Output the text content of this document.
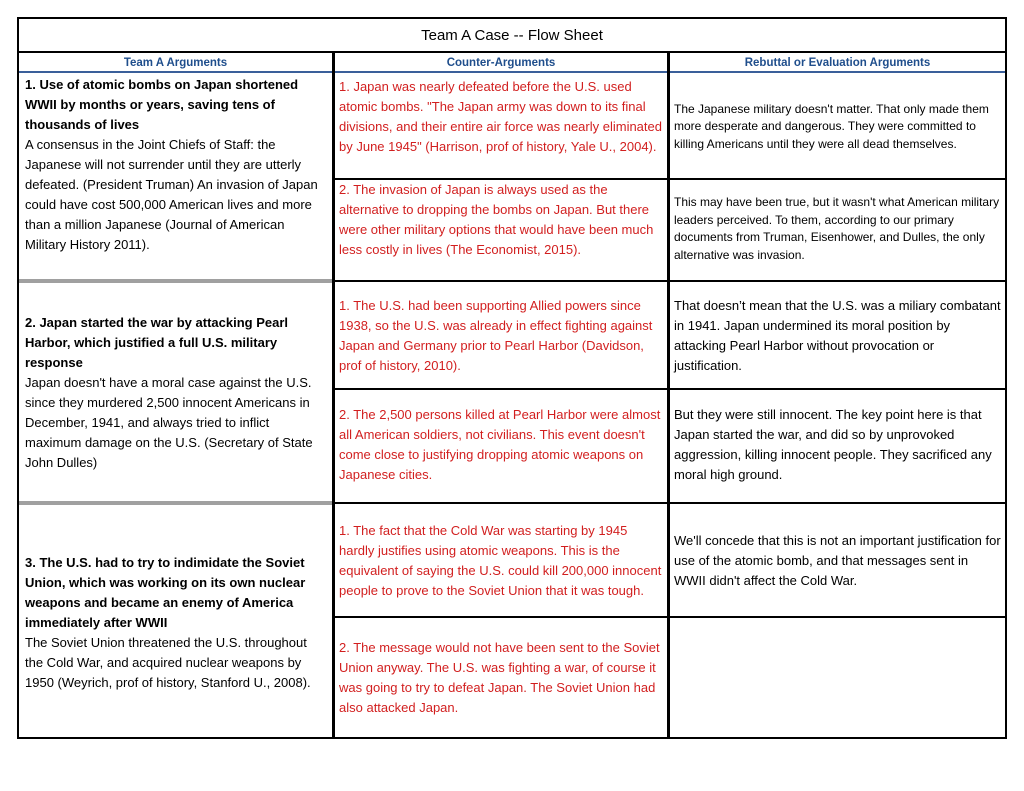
Team A Case -- Flow Sheet
Team A Arguments	Counter-Arguments	Rebuttal or Evaluation Arguments
1. Use of atomic bombs on Japan shortened WWII by months or years, saving tens of thousands of lives
A consensus in the Joint Chiefs of Staff: the Japanese will not surrender until they are utterly defeated. (President Truman) An invasion of Japan could have cost 500,000 American lives and more than a million Japanese (Journal of American Military History 2011).
1. Japan was nearly defeated before the U.S. used atomic bombs. "The Japan army was down to its final divisions, and their entire air force was nearly eliminated by June 1945" (Harrison, prof of history, Yale U., 2004).
2. The invasion of Japan is always used as the alternative to dropping the bombs on Japan. But there were other military options that would have been much less costly in lives (The Economist, 2015).
The Japanese military doesn't matter. That only made them more desperate and dangerous. They were committed to killing Americans until they were all dead themselves.
This may have been true, but it wasn't what American military leaders perceived. To them, according to our primary documents from Truman, Eisenhower, and Dulles, the only alternative was invasion.
2. Japan started the war by attacking Pearl Harbor, which justified a full U.S. military response
Japan doesn't have a moral case against the U.S. since they murdered 2,500 innocent Americans in December, 1941, and always tried to inflict maximum damage on the U.S. (Secretary of State John Dulles)
1. The U.S. had been supporting Allied powers since 1938, so the U.S. was already in effect fighting against Japan and Germany prior to Pearl Harbor (Davidson, prof of history, 2010).
2. The 2,500 persons killed at Pearl Harbor were almost all American soldiers, not civilians. This event doesn't come close to justifying dropping atomic weapons on Japanese cities.
That doesn’t mean that the U.S. was a miliary combatant in 1941. Japan undermined its moral position by attacking Pearl Harbor without provocation or justification.
But they were still innocent. The key point here is that Japan started the war, and did so by unprovoked aggression, killing innocent people. They sacrificed any moral high ground.
3. The U.S. had to try to indimidate the Soviet Union, which was working on its own nuclear weapons and became an enemy of America immediately after WWII
The Soviet Union threatened the U.S. throughout the Cold War, and acquired nuclear weapons by 1950 (Weyrich, prof of history, Stanford U., 2008).
1. The fact that the Cold War was starting by 1945 hardly justifies using atomic weapons. This is the equivalent of saying the U.S. could kill 200,000 innocent people to prove to the Soviet Union that it was tough.
2. The message would not have been sent to the Soviet Union anyway. The U.S. was fighting a war, of course it was going to try to defeat Japan. The Soviet Union had also attacked Japan.
We'll concede that this is not an important justification for use of the atomic bomb, and that messages sent in WWII didn't affect the Cold War.
